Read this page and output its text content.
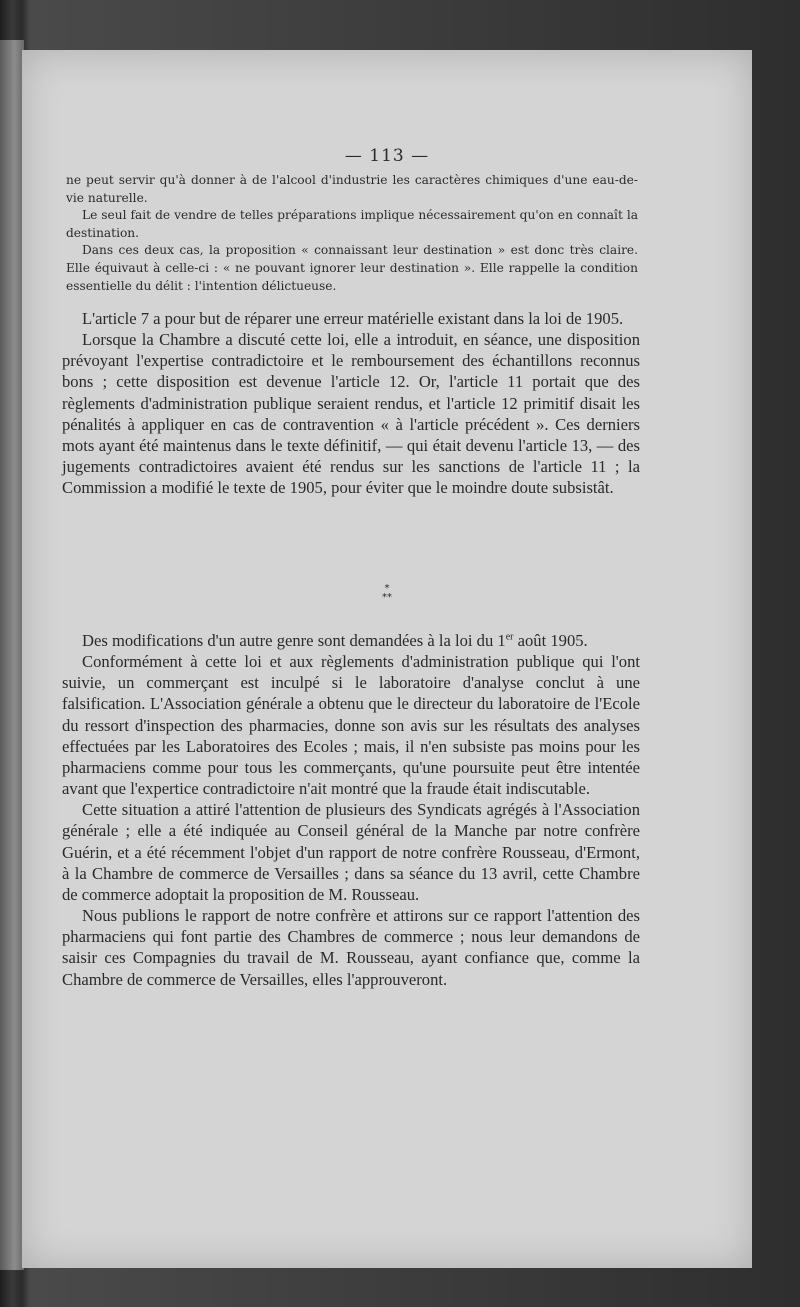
— 113 —

ne peut servir qu'à donner à de l'alcool d'industrie les caractères chimiques d'une eau-de-vie naturelle.

Le seul fait de vendre de telles préparations implique nécessairement qu'on en connaît la destination.

Dans ces deux cas, la proposition « connaissant leur destination » est donc très claire. Elle équivaut à celle-ci : « ne pouvant ignorer leur destination ». Elle rappelle la condition essentielle du délit : l'intention délictueuse.

L'article 7 a pour but de réparer une erreur matérielle existant dans la loi de 1905.

Lorsque la Chambre a discuté cette loi, elle a introduit, en séance, une disposition prévoyant l'expertise contradictoire et le remboursement des échantillons reconnus bons ; cette disposition est devenue l'article 12. Or, l'article 11 portait que des règlements d'administration publique seraient rendus, et l'article 12 primitif disait les pénalités à appliquer en cas de contravention « à l'article précédent ». Ces derniers mots ayant été maintenus dans le texte définitif, — qui était devenu l'article 13, — des jugements contradictoires avaient été rendus sur les sanctions de l'article 11 ; la Commission a modifié le texte de 1905, pour éviter que le moindre doute subsistât.

*
**

Des modifications d'un autre genre sont demandées à la loi du 1er août 1905.

Conformément à cette loi et aux règlements d'administration publique qui l'ont suivie, un commerçant est inculpé si le laboratoire d'analyse conclut à une falsification. L'Association générale a obtenu que le directeur du laboratoire de l'Ecole du ressort d'inspection des pharmacies, donne son avis sur les résultats des analyses effectuées par les Laboratoires des Ecoles ; mais, il n'en subsiste pas moins pour les pharmaciens comme pour tous les commerçants, qu'une poursuite peut être intentée avant que l'expertice contradictoire n'ait montré que la fraude était indiscutable.

Cette situation a attiré l'attention de plusieurs des Syndicats agrégés à l'Association générale ; elle a été indiquée au Conseil général de la Manche par notre confrère Guérin, et a été récemment l'objet d'un rapport de notre confrère Rousseau, d'Ermont, à la Chambre de commerce de Versailles ; dans sa séance du 13 avril, cette Chambre de commerce adoptait la proposition de M. Rousseau.

Nous publions le rapport de notre confrère et attirons sur ce rapport l'attention des pharmaciens qui font partie des Chambres de commerce ; nous leur demandons de saisir ces Compagnies du travail de M. Rousseau, ayant confiance que, comme la Chambre de commerce de Versailles, elles l'approuveront.
